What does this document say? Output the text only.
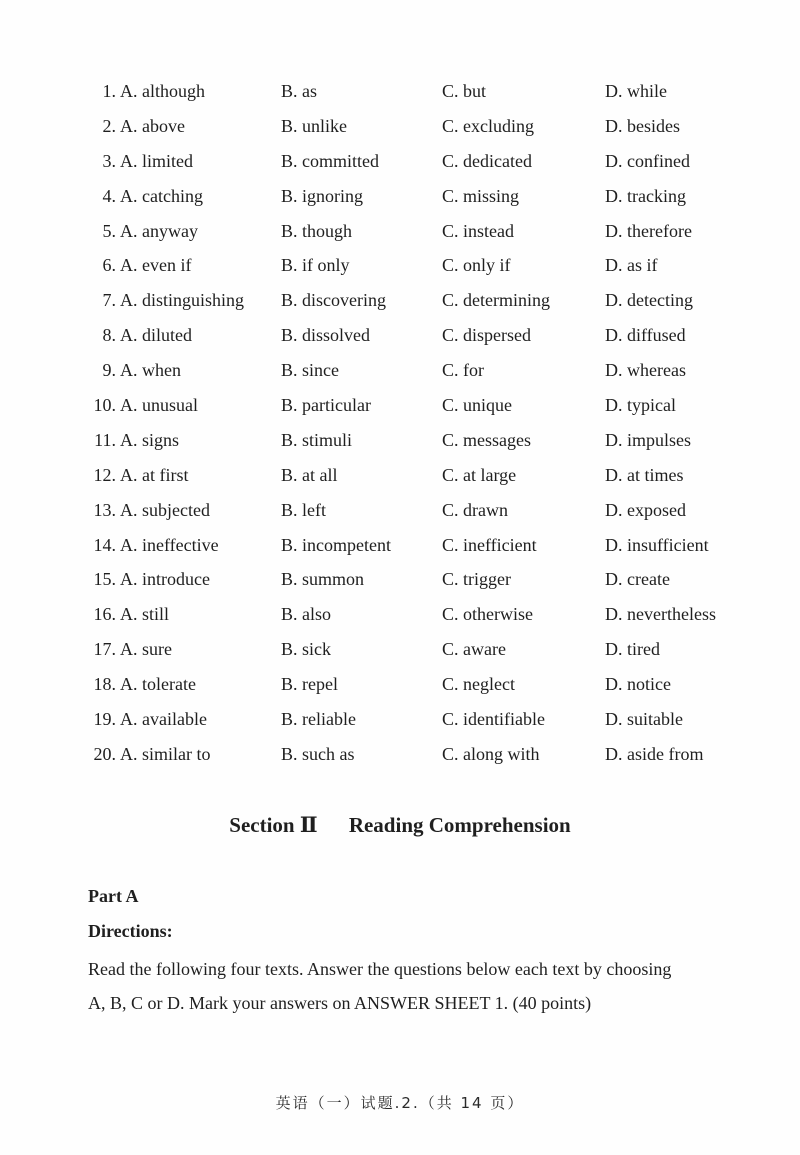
1. A. although	B. as	C. but	D. while
2. A. above	B. unlike	C. excluding	D. besides
3. A. limited	B. committed	C. dedicated	D. confined
4. A. catching	B. ignoring	C. missing	D. tracking
5. A. anyway	B. though	C. instead	D. therefore
6. A. even if	B. if only	C. only if	D. as if
7. A. distinguishing B. discovering	C. determining	D. detecting
8. A. diluted	B. dissolved	C. dispersed	D. diffused
9. A. when	B. since	C. for	D. whereas
10. A. unusual	B. particular	C. unique	D. typical
11. A. signs	B. stimuli	C. messages	D. impulses
12. A. at first	B. at all	C. at large	D. at times
13. A. subjected	B. left	C. drawn	D. exposed
14. A. ineffective	B. incompetent	C. inefficient	D. insufficient
15. A. introduce	B. summon	C. trigger	D. create
16. A. still	B. also	C. otherwise	D. nevertheless
17. A. sure	B. sick	C. aware	D. tired
18. A. tolerate	B. repel	C. neglect	D. notice
19. A. available	B. reliable	C. identifiable	D. suitable
20. A. similar to	B. such as	C. along with	D. aside from
Section Ⅱ Reading Comprehension
Part A
Directions:
Read the following four texts. Answer the questions below each text by choosing
A, B, C or D. Mark your answers on ANSWER SHEET 1. (40 points)
英语（一）试题.2.（共 14 页）
